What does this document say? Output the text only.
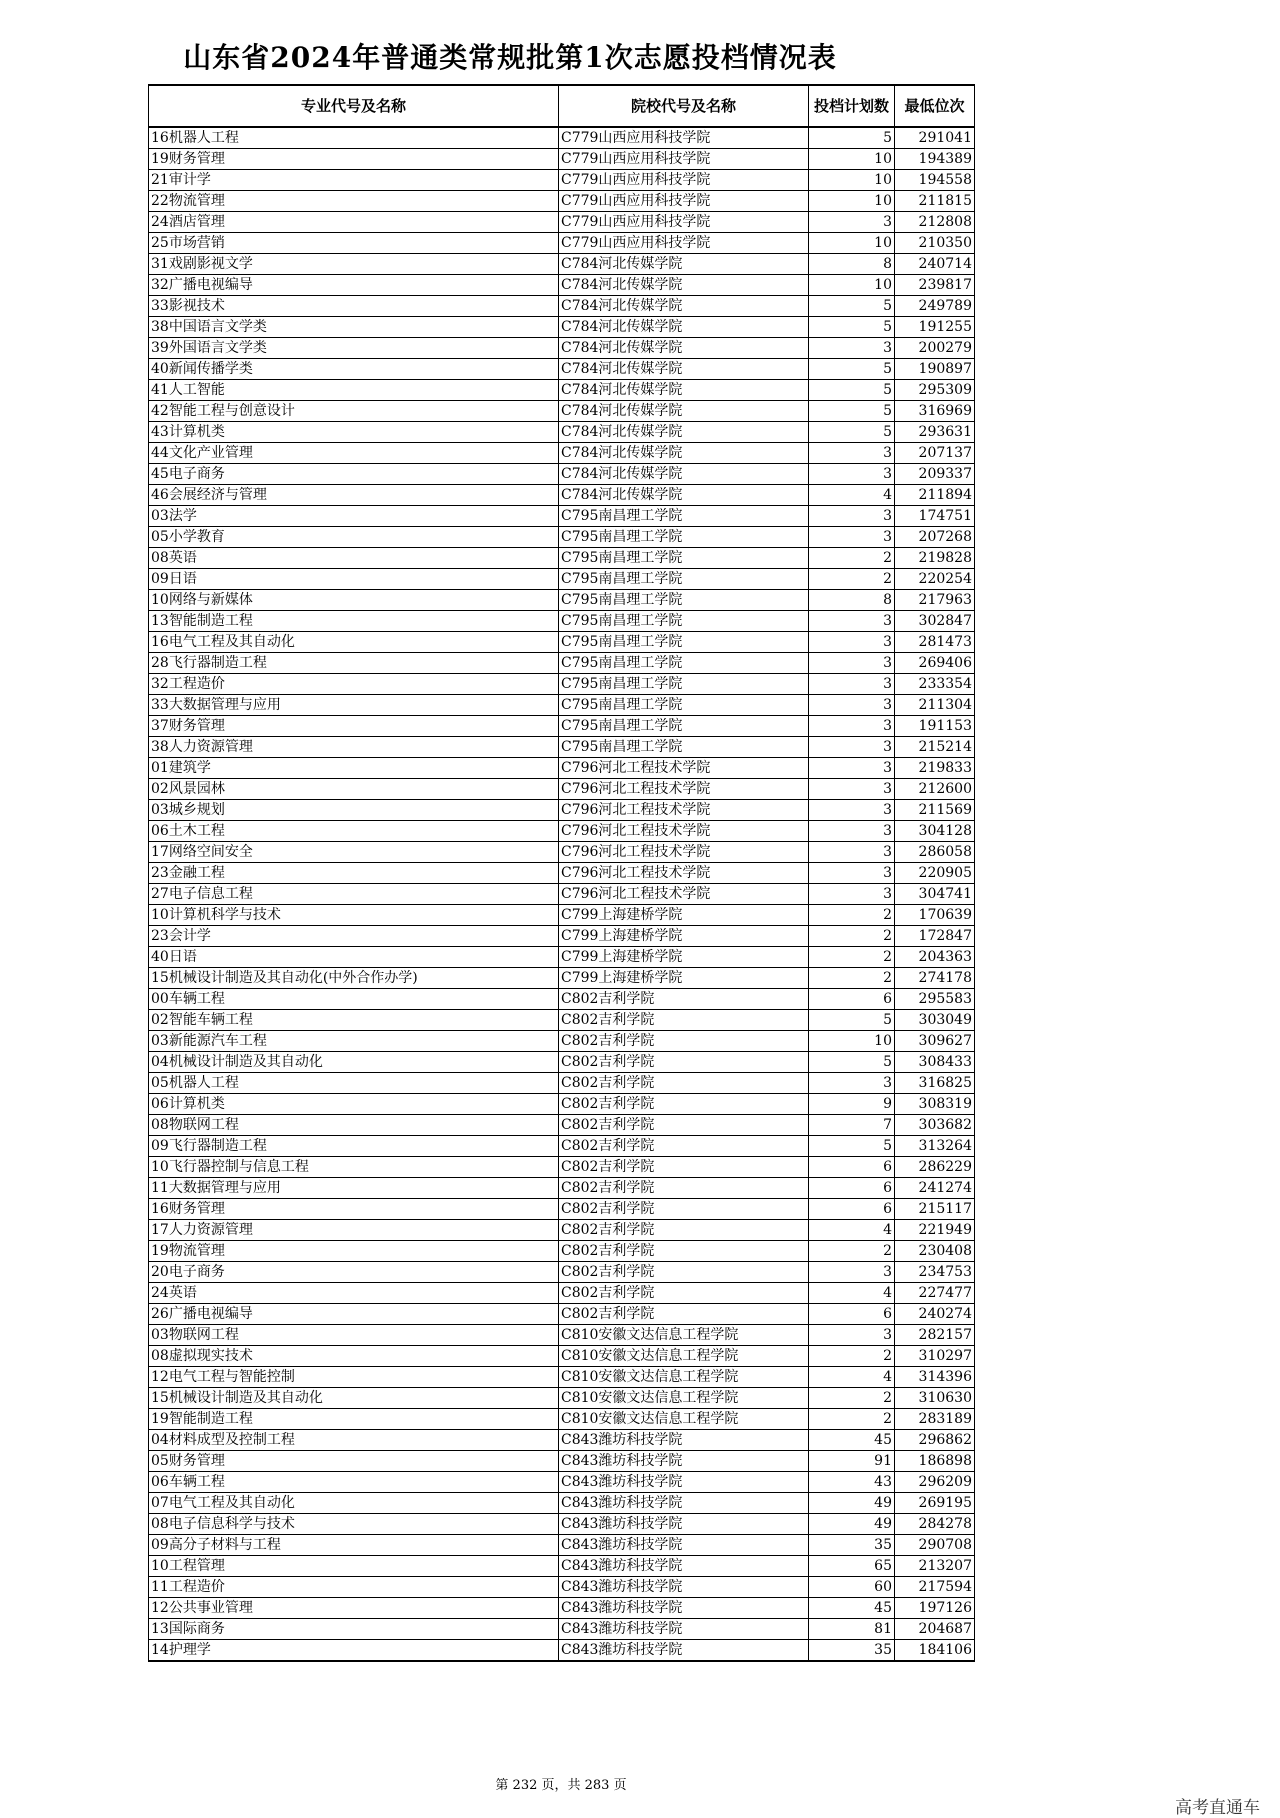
山东省2024年普通类常规批第1次志愿投档情况表
专业代号及名称	院校代号及名称	投档计划数	最低位次
16机器人工程	C779山西应用科技学院	5	291041
19财务管理	C779山西应用科技学院	10	194389
21审计学	C779山西应用科技学院	10	194558
22物流管理	C779山西应用科技学院	10	211815
24酒店管理	C779山西应用科技学院	3	212808
25市场营销	C779山西应用科技学院	10	210350
31戏剧影视文学	C784河北传媒学院	8	240714
32广播电视编导	C784河北传媒学院	10	239817
33影视技术	C784河北传媒学院	5	249789
38中国语言文学类	C784河北传媒学院	5	191255
39外国语言文学类	C784河北传媒学院	3	200279
40新闻传播学类	C784河北传媒学院	5	190897
41人工智能	C784河北传媒学院	5	295309
42智能工程与创意设计	C784河北传媒学院	5	316969
43计算机类	C784河北传媒学院	5	293631
44文化产业管理	C784河北传媒学院	3	207137
45电子商务	C784河北传媒学院	3	209337
46会展经济与管理	C784河北传媒学院	4	211894
03法学	C795南昌理工学院	3	174751
05小学教育	C795南昌理工学院	3	207268
08英语	C795南昌理工学院	2	219828
09日语	C795南昌理工学院	2	220254
10网络与新媒体	C795南昌理工学院	8	217963
13智能制造工程	C795南昌理工学院	3	302847
16电气工程及其自动化	C795南昌理工学院	3	281473
28飞行器制造工程	C795南昌理工学院	3	269406
32工程造价	C795南昌理工学院	3	233354
33大数据管理与应用	C795南昌理工学院	3	211304
37财务管理	C795南昌理工学院	3	191153
38人力资源管理	C795南昌理工学院	3	215214
01建筑学	C796河北工程技术学院	3	219833
02风景园林	C796河北工程技术学院	3	212600
03城乡规划	C796河北工程技术学院	3	211569
06土木工程	C796河北工程技术学院	3	304128
17网络空间安全	C796河北工程技术学院	3	286058
23金融工程	C796河北工程技术学院	3	220905
27电子信息工程	C796河北工程技术学院	3	304741
10计算机科学与技术	C799上海建桥学院	2	170639
23会计学	C799上海建桥学院	2	172847
40日语	C799上海建桥学院	2	204363
15机械设计制造及其自动化(中外合作办学)	C799上海建桥学院	2	274178
00车辆工程	C802吉利学院	6	295583
02智能车辆工程	C802吉利学院	5	303049
03新能源汽车工程	C802吉利学院	10	309627
04机械设计制造及其自动化	C802吉利学院	5	308433
05机器人工程	C802吉利学院	3	316825
06计算机类	C802吉利学院	9	308319
08物联网工程	C802吉利学院	7	303682
09飞行器制造工程	C802吉利学院	5	313264
10飞行器控制与信息工程	C802吉利学院	6	286229
11大数据管理与应用	C802吉利学院	6	241274
16财务管理	C802吉利学院	6	215117
17人力资源管理	C802吉利学院	4	221949
19物流管理	C802吉利学院	2	230408
20电子商务	C802吉利学院	3	234753
24英语	C802吉利学院	4	227477
26广播电视编导	C802吉利学院	6	240274
03物联网工程	C810安徽文达信息工程学院	3	282157
08虚拟现实技术	C810安徽文达信息工程学院	2	310297
12电气工程与智能控制	C810安徽文达信息工程学院	4	314396
15机械设计制造及其自动化	C810安徽文达信息工程学院	2	310630
19智能制造工程	C810安徽文达信息工程学院	2	283189
04材料成型及控制工程	C843潍坊科技学院	45	296862
05财务管理	C843潍坊科技学院	91	186898
06车辆工程	C843潍坊科技学院	43	296209
07电气工程及其自动化	C843潍坊科技学院	49	269195
08电子信息科学与技术	C843潍坊科技学院	49	284278
09高分子材料与工程	C843潍坊科技学院	35	290708
10工程管理	C843潍坊科技学院	65	213207
11工程造价	C843潍坊科技学院	60	217594
12公共事业管理	C843潍坊科技学院	45	197126
13国际商务	C843潍坊科技学院	81	204687
14护理学	C843潍坊科技学院	35	184106
第 232 页，共 283 页
高考直通车
